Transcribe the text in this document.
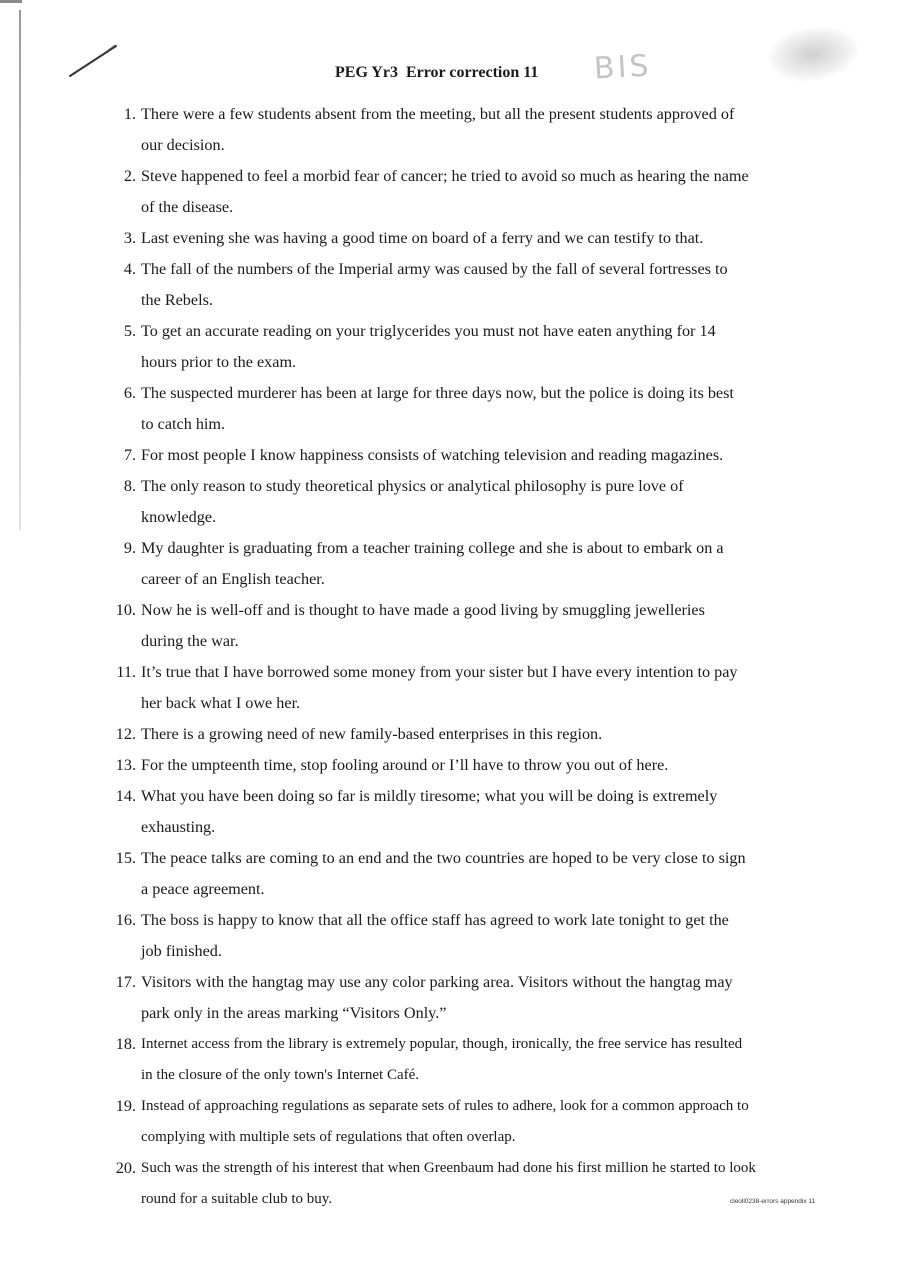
PEG Yr3 Error correction 11 BIS
1. There were a few students absent from the meeting, but all the present students approved of
our decision.
2. Steve happened to feel a morbid fear of cancer; he tried to avoid so much as hearing the name
of the disease.
3. Last evening she was having a good time on board of a ferry and we can testify to that.
4. The fall of the numbers of the Imperial army was caused by the fall of several fortresses to
the Rebels.
5. To get an accurate reading on your triglycerides you must not have eaten anything for 14
hours prior to the exam.
6. The suspected murderer has been at large for three days now, but the police is doing its best
to catch him.
7. For most people I know happiness consists of watching television and reading magazines.
8. The only reason to study theoretical physics or analytical philosophy is pure love of
knowledge.
9. My daughter is graduating from a teacher training college and she is about to embark on a
career of an English teacher.
10. Now he is well-off and is thought to have made a good living by smuggling jewelleries
during the war.
11. It’s true that I have borrowed some money from your sister but I have every intention to pay
her back what I owe her.
12. There is a growing need of new family-based enterprises in this region.
13. For the umpteenth time, stop fooling around or I’ll have to throw you out of here.
14. What you have been doing so far is mildly tiresome; what you will be doing is extremely
exhausting.
15. The peace talks are coming to an end and the two countries are hoped to be very close to sign
a peace agreement.
16. The boss is happy to know that all the office staff has agreed to work late tonight to get the
job finished.
17. Visitors with the hangtag may use any color parking area. Visitors without the hangtag may
park only in the areas marking “Visitors Only.”
18. Internet access from the library is extremely popular, though, ironically, the free service has resulted
in the closure of the only town's Internet Café.
19. Instead of approaching regulations as separate sets of rules to adhere, look for a common approach to
complying with multiple sets of regulations that often overlap.
20. Such was the strength of his interest that when Greenbaum had done his first million he started to look
round for a suitable club to buy.	cleoll0238-errors appendix 11
